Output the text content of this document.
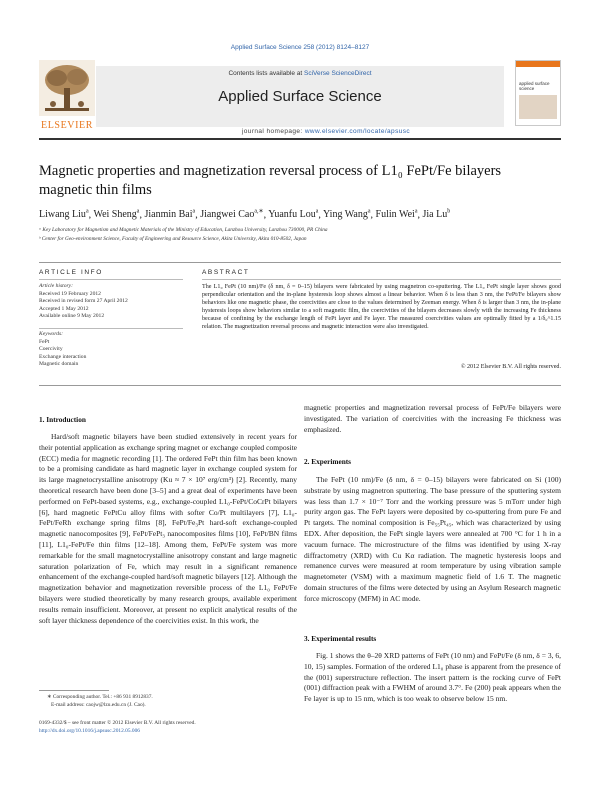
Applied Surface Science 258 (2012) 8124–8127
Contents lists available at SciVerse ScienceDirect
Applied Surface Science
journal homepage: www.elsevier.com/locate/apsusc
ELSEVIER
applied surface science
Magnetic properties and magnetization reversal process of L1₀ FePt/Fe bilayers magnetic thin films
Liwang Liu$^a$, Wei Sheng$^a$, Jianmin Bai$^a$, Jiangwei Cao$^{a,∗}$, Yuanfu Lou$^a$, Ying Wang$^a$, Fulin Wei$^a$, Jia Lu$^b$
ᵃ Key Laboratory for Magnetism and Magnetic Materials of the Ministry of Education, Lanzhou University, Lanzhou 730000, PR China
ᵇ Center for Geo-environment Science, Faculty of Engineering and Resource Science, Akita University, Akita 010-8502, Japan
ARTICLE INFO
Article history:
Received 19 February 2012
Received in revised form 27 April 2012
Accepted 1 May 2012
Available online 9 May 2012
Keywords:
FePt
Coercivity
Exchange interaction
Magnetic domain
ABSTRACT
The L1₀ FePt (10 nm)/Fe (δ nm, δ = 0–15) bilayers were fabricated by using magnetron co-sputtering. The L1₀ FePt single layer shows good perpendicular orientation and the in-plane hysteresis loop shows almost a linear behavior. When δ is less than 3 nm, the FePt/Fe bilayers show behaviors like one magnetic phase, the coercivities are close to the values determined by Zeeman energy. When δ is larger than 3 nm, the in-plane hysteresis loops show behaviors similar to a soft magnetic film, the coercivities of the bilayers decreases slowly with the increasing Fe thickness because of confining by the exchange length of FePt layer and Fe layer. The measured coercivities values are optimally fitted by a 1/δ₀^1.15 relation. The magnetization reversal process and magnetic interaction were also investigated.
© 2012 Elsevier B.V. All rights reserved.
1. Introduction
Hard/soft magnetic bilayers have been studied extensively in recent years for their potential application as exchange spring magnet or exchange coupled composite (ECC) media for magnetic recording [1]. The ordered FePt thin film has been known to be a promising candidate as hard magnetic layer in exchange coupled system for its large magnetocrystalline anisotropy (Ku ≈ 7 × 10⁷ erg/cm³) [2]. Recently, many theoretical research have been done [3–5] and a great deal of experiments have been performed on FePt-based systems, e.g., exchange-coupled L1₀-FePt/CoCrPt bilayers [6], hard magnetic FePtCu alloy films with softer Co/Pt multilayers [7], L1₀-FePt/FeRh exchange spring films [8], FePt/Fe₃Pt hard-soft exchange-coupled magnetic nanocomposites [9], FePt/FePt₃ nanocomposites films [10], FePt/BN films [11], L1₀-FePt/Fe thin films [12–18]. Among them, FePt/Fe system was more remarkable for the small magnetocrystalline anisotropy constant and large magnetic saturation polarization of Fe, which may result in a significant remanence enhancement of the exchange-coupled hard/soft magnetic bilayers [12]. Although the magnetization behavior and magnetization reversible process of the L1₀ FePt/Fe bilayers were studied theoretically by many research groups, available experiment results remain insufficient. Moreover, at present no explicit analytical results of the soft layer thickness dependence of the coercivities exist. In this work, the
magnetic properties and magnetization reversal process of FePt/Fe bilayers were investigated. The variation of coercivities with the increasing Fe thickness was emphasized.
2. Experiments
The FePt (10 nm)/Fe (δ nm, δ = 0–15) bilayers were fabricated on Si (100) substrate by using magnetron sputtering. The base pressure of the sputtering system was less than 1.7 × 10⁻⁷ Torr and the working pressure was 5 mTorr under high purity argon gas. The FePt layers were deposited by co-sputtering from pure Fe and Pt targets. The nominal composition is Fe₅₅Pt₄₅, which was characterized by using EDX. After deposition, the FePt single layers were annealed at 700 °C for 1 h in a vacuum furnace. The microstructure of the films was identified by using X-ray diffractometry (XRD) with Cu Kα radiation. The magnetic hysteresis loops and remanence curves were measured at room temperature by using vibration sample magnetometer (VSM) with a maximum magnetic field of 1.6 T. The magnetic domain structures of the films were detected by using an Asylum Research magnetic force microscopy (MFM) in AC mode.
3. Experimental results
Fig. 1 shows the θ–2θ XRD patterns of FePt (10 nm) and FePt/Fe (δ nm, δ = 3, 6, 10, 15) samples. Formation of the ordered L1₀ phase is apparent from the presence of the (001) superstructure reflection. The insert pattern is the rocking curve of FePt (001) diffraction peak with a FWHM of around 3.7°. Fe (200) peak appears when the Fe layer is up to 15 nm, which is too weak to observe below 15 nm.
∗ Corresponding author. Tel.: +86 931 8912837.
E-mail address: caojw@lzu.edu.cn (J. Cao).
0169-4332/$ – see front matter © 2012 Elsevier B.V. All rights reserved.
http://dx.doi.org/10.1016/j.apsusc.2012.05.006
